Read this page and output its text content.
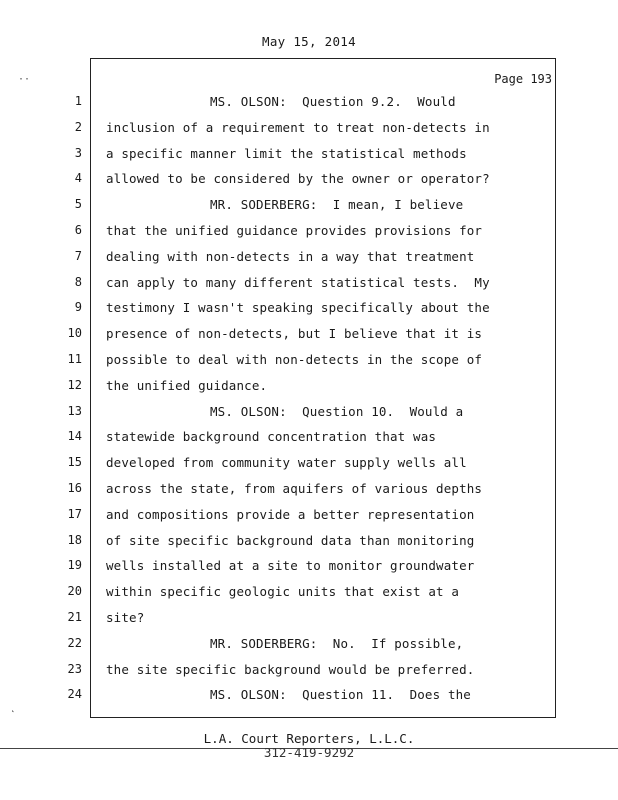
May 15, 2014
Page 193
1	MS. OLSON:  Question 9.2.  Would
2 inclusion of a requirement to treat non-detects in
3 a specific manner limit the statistical methods
4 allowed to be considered by the owner or operator?
5	MR. SODERBERG:  I mean, I believe
6 that the unified guidance provides provisions for
7 dealing with non-detects in a way that treatment
8 can apply to many different statistical tests.  My
9 testimony I wasn't speaking specifically about the
10 presence of non-detects, but I believe that it is
11 possible to deal with non-detects in the scope of
12 the unified guidance.
13	MS. OLSON:  Question 10.  Would a
14 statewide background concentration that was
15 developed from community water supply wells all
16 across the state, from aquifers of various depths
17 and compositions provide a better representation
18 of site specific background data than monitoring
19 wells installed at a site to monitor groundwater
20 within specific geologic units that exist at a
21 site?
22	MR. SODERBERG:  No.  If possible,
23 the site specific background would be preferred.
24	MS. OLSON:  Question 11.  Does the
L.A. Court Reporters, L.L.C.
312-419-9292
··
˛
